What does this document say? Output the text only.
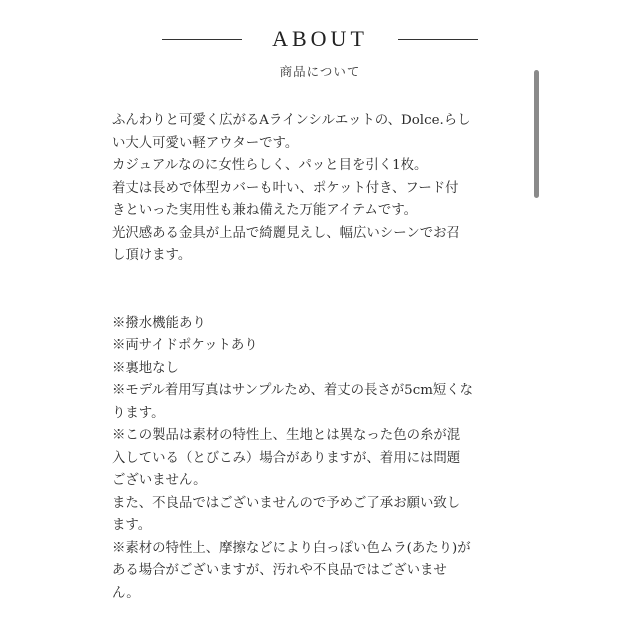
ABOUT
商品について

ふんわりと可愛く広がるAラインシルエットの、Dolce.らし

い大人可愛い軽アウターです。

カジュアルなのに女性らしく、パッと目を引く1枚。

着丈は長めで体型カバーも叶い、ポケット付き、フード付

きといった実用性も兼ね備えた万能アイテムです。

光沢感ある金具が上品で綺麗見えし、幅広いシーンでお召

し頂けます。

※撥水機能あり

※両サイドポケットあり

※裏地なし

※モデル着用写真はサンプルため、着丈の長さが5cm短くな

ります。

※この製品は素材の特性上、生地とは異なった色の糸が混

入している（とびこみ）場合がありますが、着用には問題

ございません。

また、不良品ではございませんので予めご了承お願い致し

ます。

※素材の特性上、摩擦などにより白っぽい色ムラ(あたり)が

ある場合がございますが、汚れや不良品ではございませ

ん。
